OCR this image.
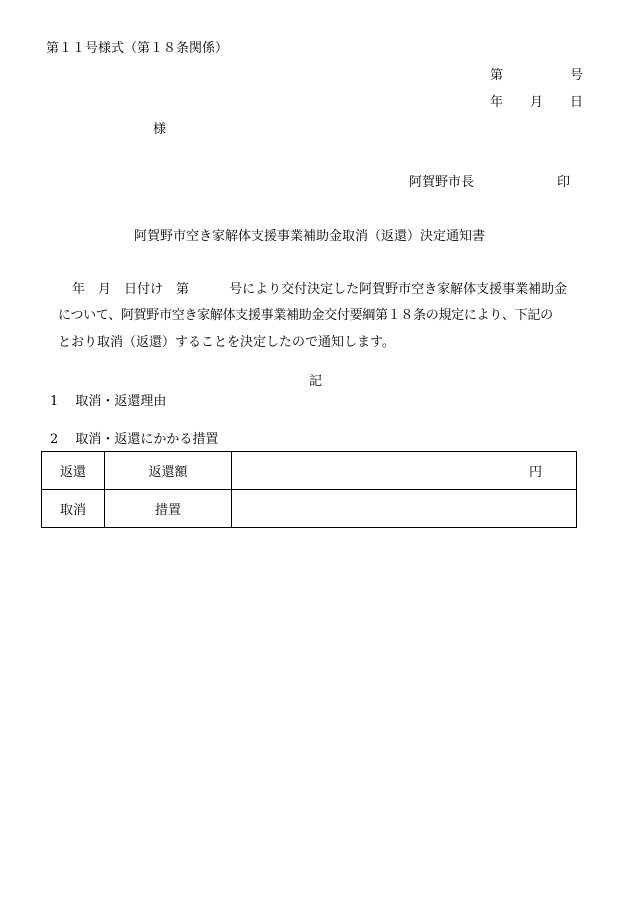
第１１号様式（第１８条関係）
第	号
年 月 日
様
阿賀野市長	印
阿賀野市空き家解体支援事業補助金取消（返還）決定通知書
年 月 日付け 第	号により交付決定した阿賀野市空き家解体支援事業補助金
について、阿賀野市空き家解体支援事業補助金交付要綱第１８条の規定により、下記の
とおり取消（返還）することを決定したので通知します。
記
1 取消・返還理由
2 取消・返還にかかる措置
返還	返還額	円
取消	措置	
